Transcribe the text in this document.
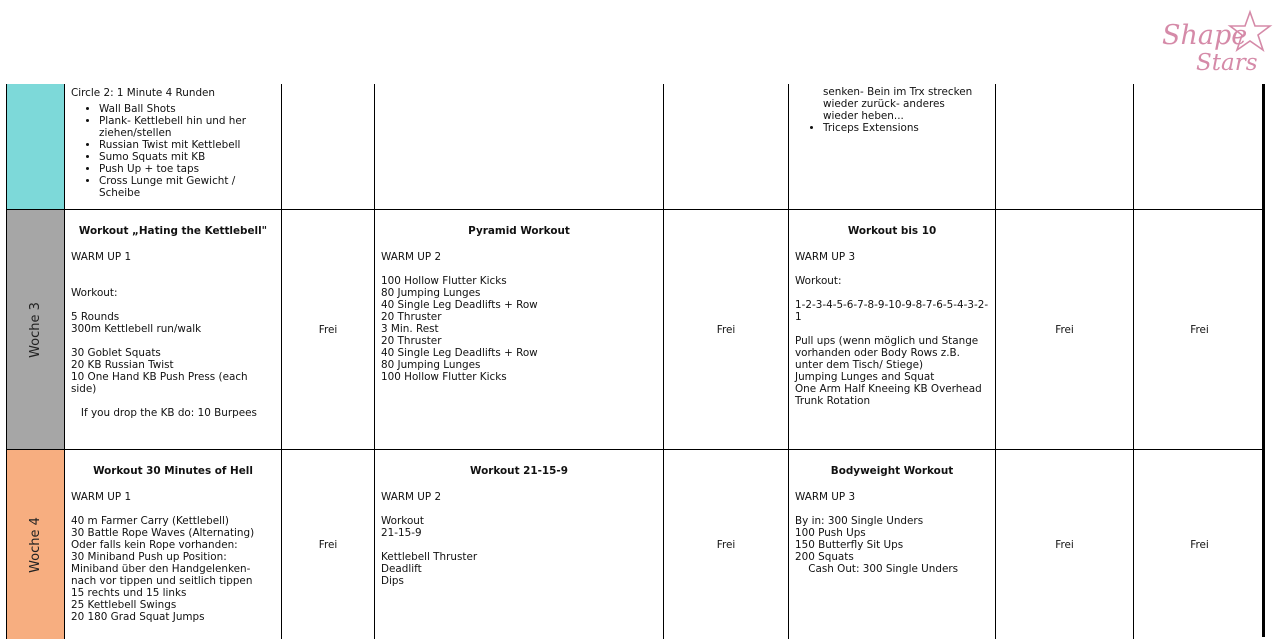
Shape
Stars
Circle 2: 1 Minute 4 Runden
• Wall Ball Shots
• Plank- Kettlebell hin und her ziehen/stellen
• Russian Twist mit Kettlebell
• Sumo Squats mit KB
• Push Up + toe taps
• Cross Lunge mit Gewicht / Scheibe
senken- Bein im Trx strecken
wieder zurück- anderes
wieder heben...
• Triceps Extensions
Woche 3
Workout „Hating the Kettlebell"
WARM UP 1
Workout:
5 Rounds
300m Kettlebell run/walk
30 Goblet Squats
20 KB Russian Twist
10 One Hand KB Push Press (each side)
If you drop the KB do: 10 Burpees
Frei
Pyramid Workout
WARM UP 2
100 Hollow Flutter Kicks
80 Jumping Lunges
40 Single Leg Deadlifts + Row
20 Thruster
3 Min. Rest
20 Thruster
40 Single Leg Deadlifts + Row
80 Jumping Lunges
100 Hollow Flutter Kicks
Frei
Workout bis 10
WARM UP 3
Workout:
1-2-3-4-5-6-7-8-9-10-9-8-7-6-5-4-3-2-1
Pull ups (wenn möglich und Stange vorhanden oder Body Rows z.B. unter dem Tisch/ Stiege)
Jumping Lunges and Squat
One Arm Half Kneeing KB Overhead
Trunk Rotation
Frei	Frei
Woche 4
Workout 30 Minutes of Hell
WARM UP 1
40 m Farmer Carry (Kettlebell)
30 Battle Rope Waves (Alternating)
Oder falls kein Rope vorhanden:
30 Miniband Push up Position:
Miniband über den Handgelenken- nach vor tippen und seitlich tippen
15 rechts und 15 links
25 Kettlebell Swings
20 180 Grad Squat Jumps
Frei
Workout 21-15-9
WARM UP 2
Workout
21-15-9
Kettlebell Thruster
Deadlift
Dips
Frei
Bodyweight Workout
WARM UP 3
By in: 300 Single Unders
100 Push Ups
150 Butterfly Sit Ups
200 Squats
Cash Out: 300 Single Unders
Frei	Frei
